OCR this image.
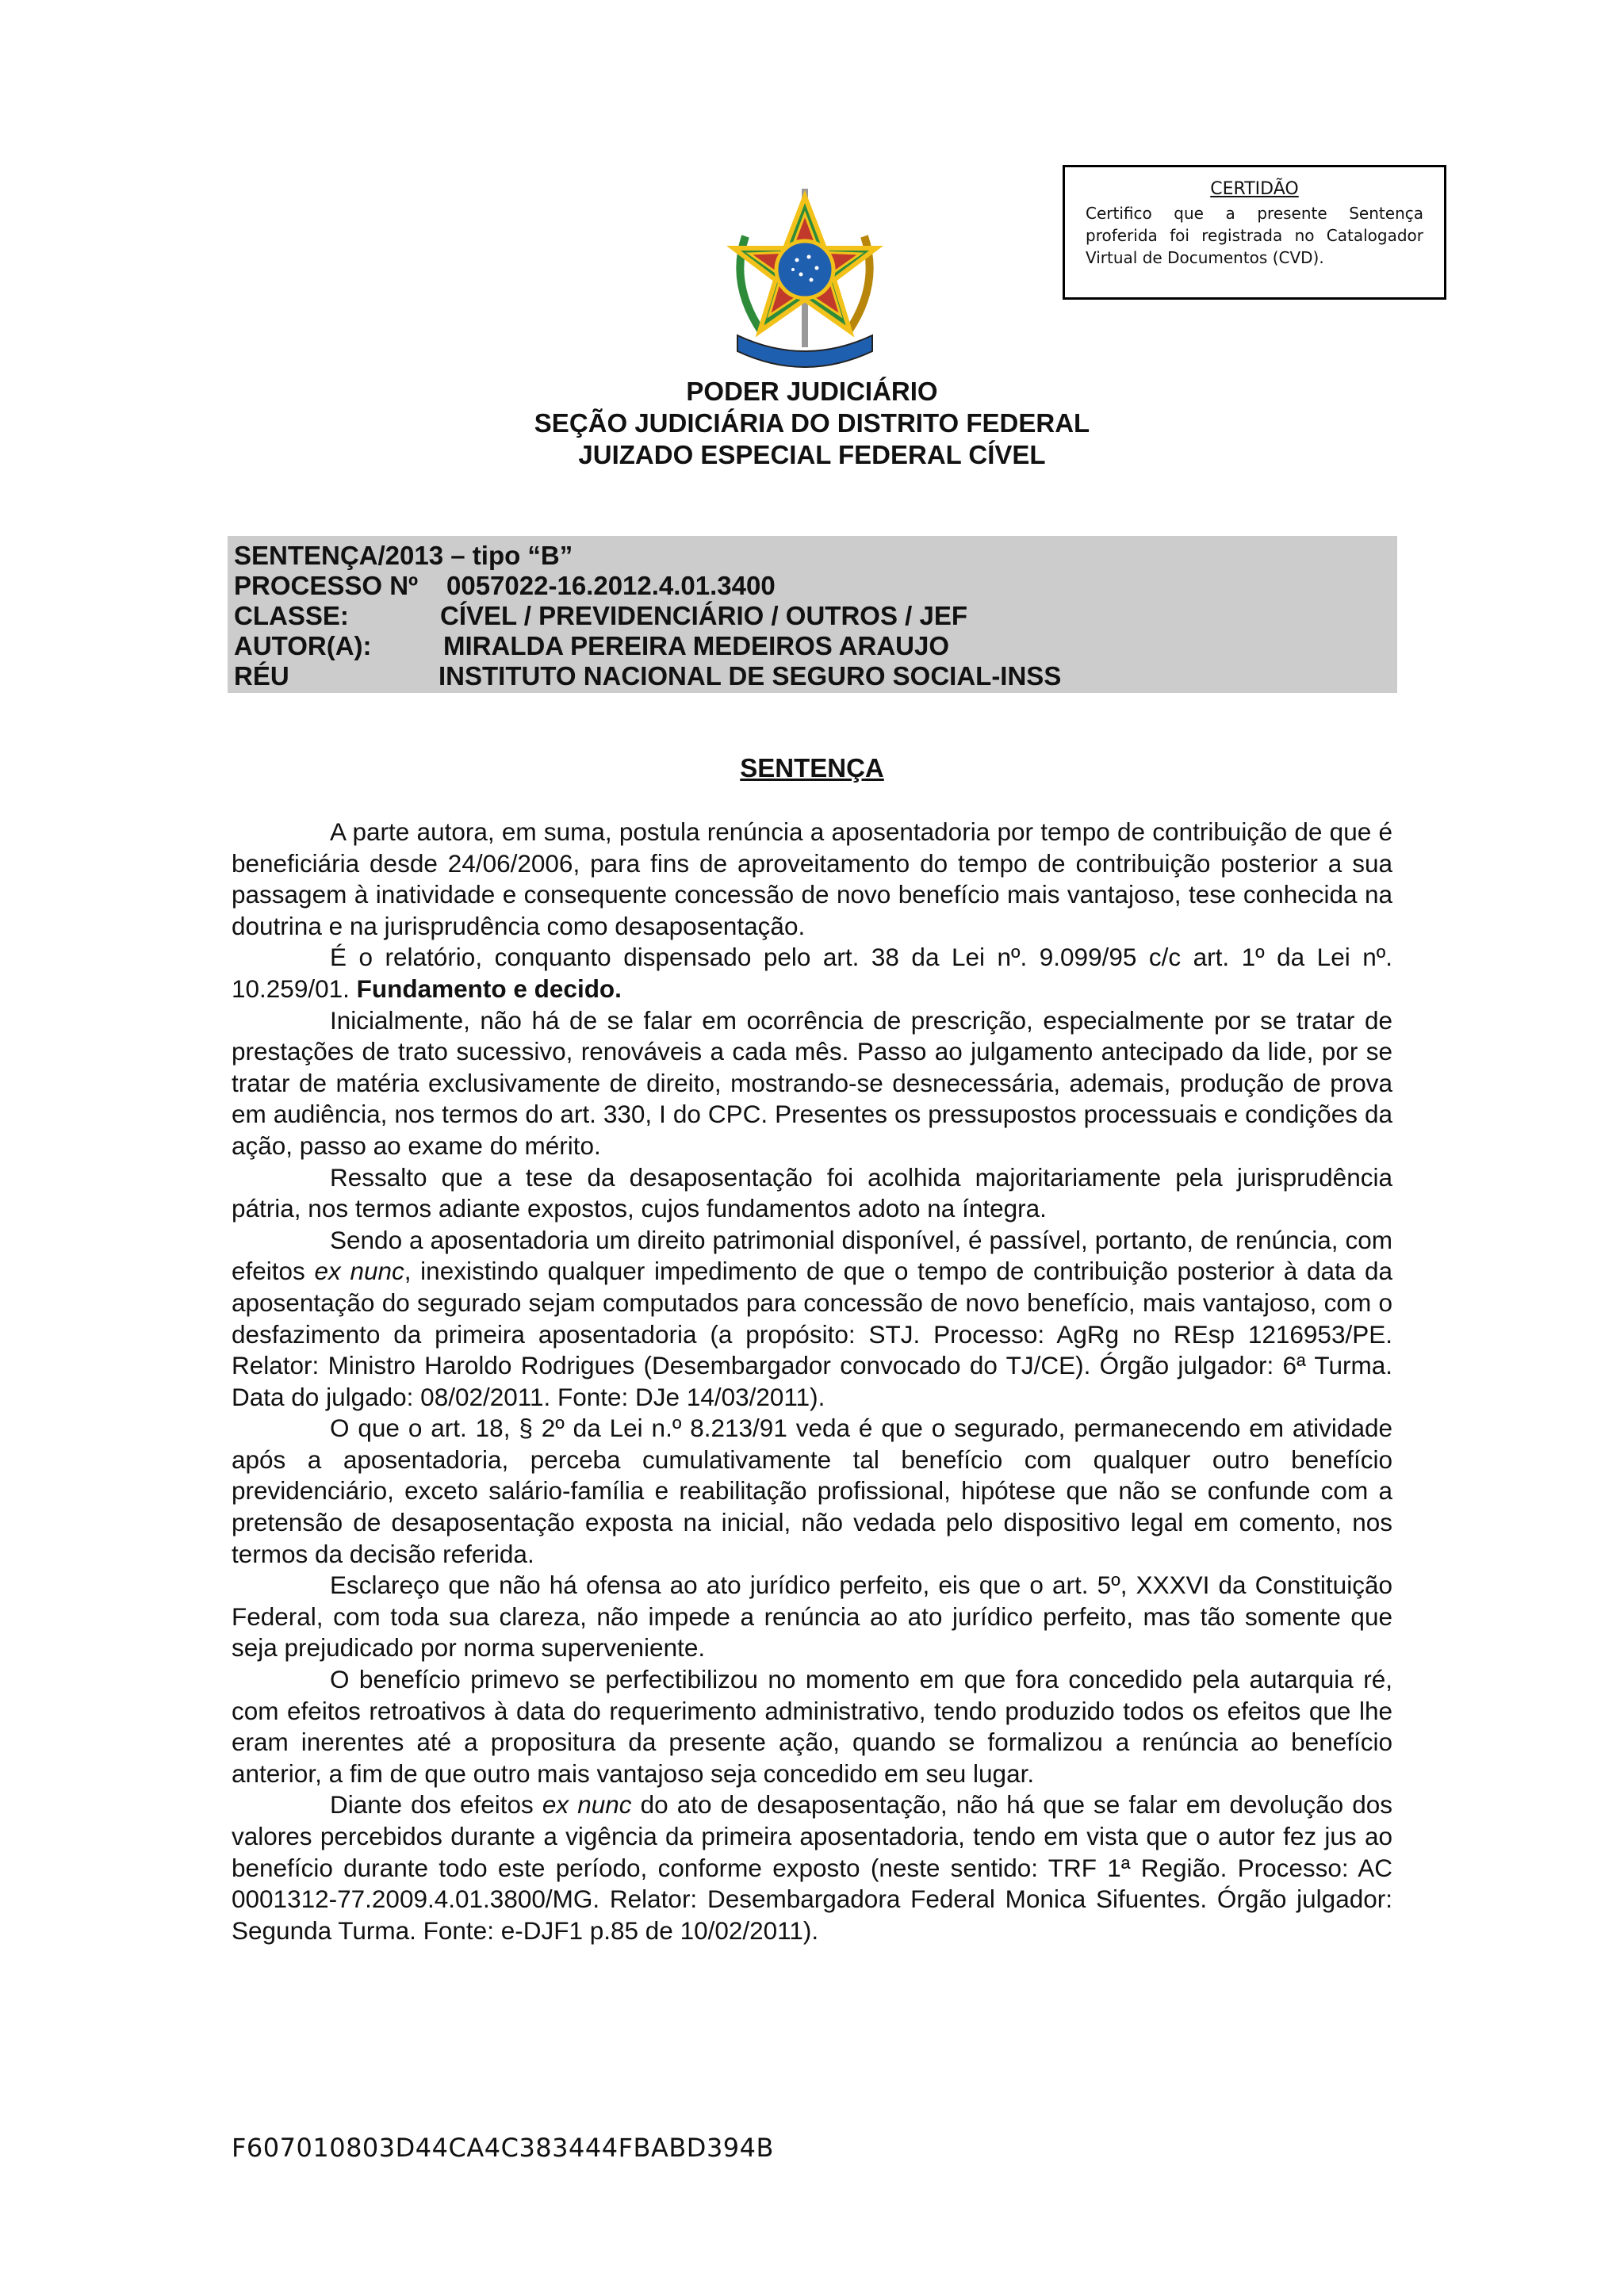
CERTIDÃO
Certifico que a presente Sentença proferida foi registrada no Catalogador Virtual de Documentos (CVD).
PODER JUDICIÁRIO
SEÇÃO JUDICIÁRIA DO DISTRITO FEDERAL
JUIZADO ESPECIAL FEDERAL CÍVEL
SENTENÇA/2013 – tipo “B”
PROCESSO Nº 0057022-16.2012.4.01.3400
CLASSE:	CÍVEL / PREVIDENCIÁRIO / OUTROS / JEF
AUTOR(A):	MIRALDA PEREIRA MEDEIROS ARAUJO
RÉU	INSTITUTO NACIONAL DE SEGURO SOCIAL-INSS
SENTENÇA

A parte autora, em suma, postula renúncia a aposentadoria por tempo de contribuição de que é beneficiária desde 24/06/2006, para fins de aproveitamento do tempo de contribuição posterior a sua passagem à inatividade e consequente concessão de novo benefício mais vantajoso, tese conhecida na doutrina e na jurisprudência como desaposentação.

É o relatório, conquanto dispensado pelo art. 38 da Lei nº. 9.099/95 c/c art. 1º da Lei nº. 10.259/01. Fundamento e decido.

Inicialmente, não há de se falar em ocorrência de prescrição, especialmente por se tratar de prestações de trato sucessivo, renováveis a cada mês. Passo ao julgamento antecipado da lide, por se tratar de matéria exclusivamente de direito, mostrando-se desnecessária, ademais, produção de prova em audiência, nos termos do art. 330, I do CPC. Presentes os pressupostos processuais e condições da ação, passo ao exame do mérito.

Ressalto que a tese da desaposentação foi acolhida majoritariamente pela jurisprudência pátria, nos termos adiante expostos, cujos fundamentos adoto na íntegra.

Sendo a aposentadoria um direito patrimonial disponível, é passível, portanto, de renúncia, com efeitos ex nunc, inexistindo qualquer impedimento de que o tempo de contribuição posterior à data da aposentação do segurado sejam computados para concessão de novo benefício, mais vantajoso, com o desfazimento da primeira aposentadoria (a propósito: STJ. Processo: AgRg no REsp 1216953/PE. Relator: Ministro Haroldo Rodrigues (Desembargador convocado do TJ/CE). Órgão julgador: 6ª Turma. Data do julgado: 08/02/2011. Fonte: DJe 14/03/2011).

O que o art. 18, § 2º da Lei n.º 8.213/91 veda é que o segurado, permanecendo em atividade após a aposentadoria, perceba cumulativamente tal benefício com qualquer outro benefício previdenciário, exceto salário-família e reabilitação profissional, hipótese que não se confunde com a pretensão de desaposentação exposta na inicial, não vedada pelo dispositivo legal em comento, nos termos da decisão referida.

Esclareço que não há ofensa ao ato jurídico perfeito, eis que o art. 5º, XXXVI da Constituição Federal, com toda sua clareza, não impede a renúncia ao ato jurídico perfeito, mas tão somente que seja prejudicado por norma superveniente.

O benefício primevo se perfectibilizou no momento em que fora concedido pela autarquia ré, com efeitos retroativos à data do requerimento administrativo, tendo produzido todos os efeitos que lhe eram inerentes até a propositura da presente ação, quando se formalizou a renúncia ao benefício anterior, a fim de que outro mais vantajoso seja concedido em seu lugar.

Diante dos efeitos ex nunc do ato de desaposentação, não há que se falar em devolução dos valores percebidos durante a vigência da primeira aposentadoria, tendo em vista que o autor fez jus ao benefício durante todo este período, conforme exposto (neste sentido: TRF 1ª Região. Processo: AC 0001312-77.2009.4.01.3800/MG. Relator: Desembargadora Federal Monica Sifuentes. Órgão julgador: Segunda Turma. Fonte: e-DJF1 p.85 de 10/02/2011).

F607010803D44CA4C383444FBABD394B
